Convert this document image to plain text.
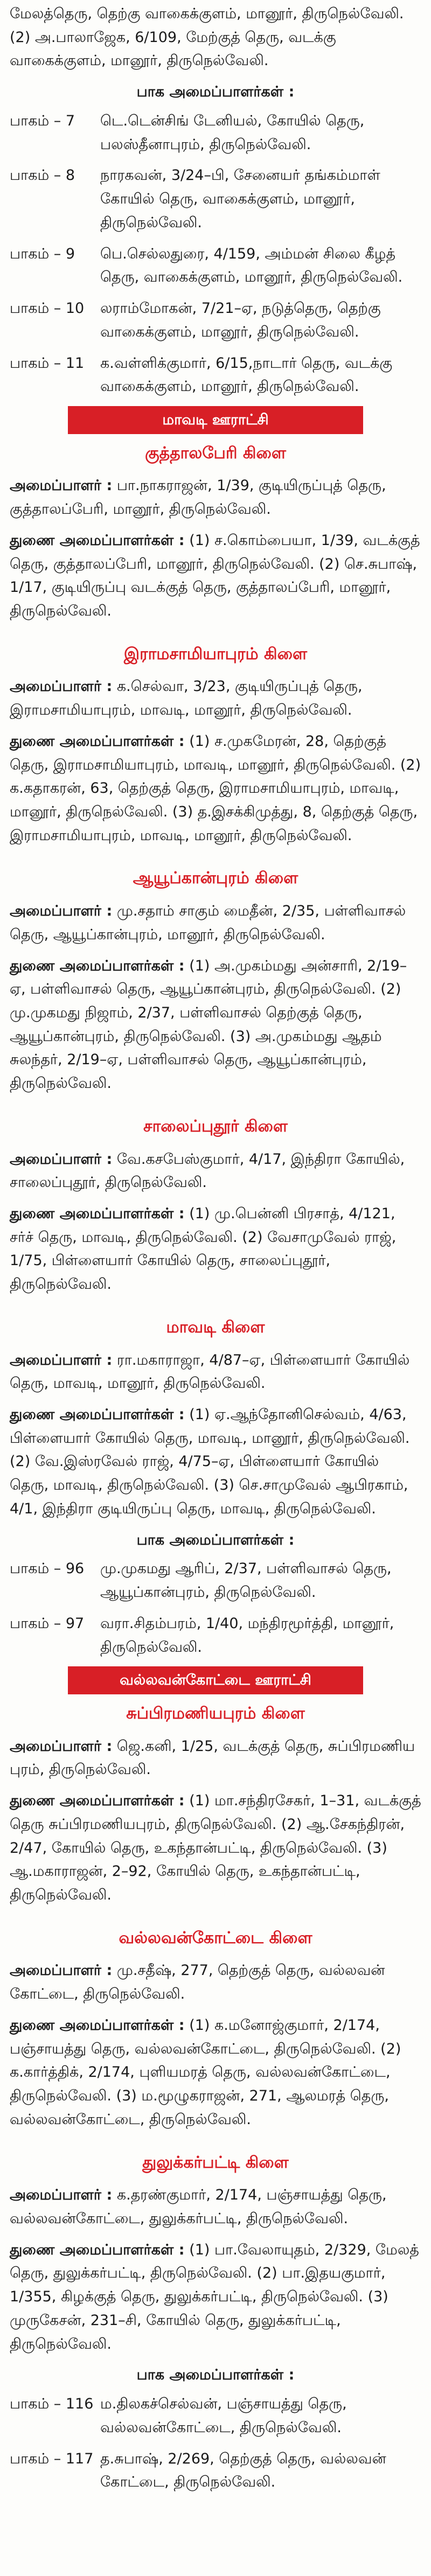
மேலத்தெரு, தெற்கு வாகைக்குளம், மானூர், திருநெல்வேலி. (2) அ.பாலாஜேக, 6/109, மேற்குத் தெரு, வடக்கு வாகைக்குளம், மானூர், திருநெல்வேலி.
பாக அமைப்பாளர்கள் :
பாகம் – 7	டெ.டென்சிங் டேனியல், கோயில் தெரு, பலஸ்தீனாபுரம், திருநெல்வேலி.
பாகம் – 8	நாரகவன், 3/24–பி, சேனையர் தங்கம்மாள் கோயில் தெரு, வாகைக்குளம், மானூர், திருநெல்வேலி.
பாகம் – 9	பெ.செல்லதுரை, 4/159, அம்மன் சிலை கீழத் தெரு, வாகைக்குளம், மானூர், திருநெல்வேலி.
பாகம் – 10	லராம்மோகன், 7/21–ஏ, நடுத்தெரு, தெற்கு வாகைக்குளம், மானூர், திருநெல்வேலி.
பாகம் – 11	க.வள்ளிக்குமார், 6/15,நாடார் தெரு, வடக்கு வாகைக்குளம், மானூர், திருநெல்வேலி.
மாவடி ஊராட்சி
குத்தாலபேரி கிளை
அமைப்பாளர் : பா.நாகராஜன், 1/39, குடியிருப்புத் தெரு, குத்தாலப்பேரி, மானூர், திருநெல்வேலி.
துணை அமைப்பாளர்கள் : (1) ச.கொம்பையா, 1/39, வடக்குத் தெரு, குத்தாலப்பேரி, மானூர், திருநெல்வேலி. (2) செ.சுபாஷ், 1/17, குடியிருப்பு வடக்குத் தெரு, குத்தாலப்பேரி, மானூர், திருநெல்வேலி.
இராமசாமியாபுரம் கிளை
அமைப்பாளர் : க.செல்வா, 3/23, குடியிருப்புத் தெரு, இராமசாமியாபுரம், மாவடி, மானூர், திருநெல்வேலி.
துணை அமைப்பாளர்கள் : (1) ச.முகமேரன், 28, தெற்குத் தெரு, இராமசாமியாபுரம், மாவடி, மானூர், திருநெல்வேலி. (2) க.கதாகரன், 63, தெற்குத் தெரு, இராமசாமியாபுரம், மாவடி, மானூர், திருநெல்வேலி. (3) த.இசக்கிமுத்து, 8, தெற்குத் தெரு, இராமசாமியாபுரம், மாவடி, மானூர், திருநெல்வேலி.
ஆயூப்கான்புரம் கிளை
அமைப்பாளர் : மு.சதாம் சாகும் மைதீன், 2/35, பள்ளிவாசல் தெரு, ஆயூப்கான்புரம், மானூர், திருநெல்வேலி.
துணை அமைப்பாளர்கள் : (1) அ.முகம்மது அன்சாரி, 2/19–ஏ, பள்ளிவாசல் தெரு, ஆயூப்கான்புரம், திருநெல்வேலி. (2) மு.முகமது நிஜாம், 2/37, பள்ளிவாசல் தெற்குத் தெரு, ஆயூப்கான்புரம், திருநெல்வேலி. (3) அ.முகம்மது ஆதம் சுலந்தர், 2/19–ஏ, பள்ளிவாசல் தெரு, ஆயூப்கான்புரம், திருநெல்வேலி.
சாலைப்புதூர் கிளை
அமைப்பாளர் : வே.கசபேஸ்குமார், 4/17, இந்திரா கோயில், சாலைப்புதூர், திருநெல்வேலி.
துணை அமைப்பாளர்கள் : (1) மு.பென்னி பிரசாத், 4/121, சர்ச் தெரு, மாவடி, திருநெல்வேலி. (2) வேசாமுவேல் ராஜ், 1/75, பிள்ளையார் கோயில் தெரு, சாலைப்புதூர், திருநெல்வேலி.
மாவடி கிளை
அமைப்பாளர் : ரா.மகாராஜா, 4/87–ஏ, பிள்ளையார் கோயில் தெரு, மாவடி, மானூர், திருநெல்வேலி.
துணை அமைப்பாளர்கள் : (1) ஏ.ஆந்தோனிசெல்வம், 4/63, பிள்ளையார் கோயில் தெரு, மாவடி, மானூர், திருநெல்வேலி. (2) வே.இஸ்ரவேல் ராஜ், 4/75–ஏ, பிள்ளையார் கோயில் தெரு, மாவடி, திருநெல்வேலி. (3) செ.சாமுவேல் ஆபிரகாம், 4/1, இந்திரா குடியிருப்பு தெரு, மாவடி, திருநெல்வேலி.
பாக அமைப்பாளர்கள் :
பாகம் – 96	மு.முகமது ஆரிப், 2/37, பள்ளிவாசல் தெரு, ஆயூப்கான்புரம், திருநெல்வேலி.
பாகம் – 97	வரா.சிதம்பரம், 1/40, மந்திரமூர்த்தி, மானூர், திருநெல்வேலி.
வல்லவன்கோட்டை ஊராட்சி
சுப்பிரமணியபுரம் கிளை
அமைப்பாளர் : ஜெ.கனி, 1/25, வடக்குத் தெரு, சுப்பிரமணிய புரம், திருநெல்வேலி.
துணை அமைப்பாளர்கள் : (1) மா.சந்திரசேகர், 1–31, வடக்குத் தெரு சுப்பிரமணியபுரம், திருநெல்வேலி. (2) ஆ.சேகந்திரன், 2/47, கோயில் தெரு, உகந்தான்பட்டி, திருநெல்வேலி. (3) ஆ.மகாராஜன், 2–92, கோயில் தெரு, உகந்தான்பட்டி, திருநெல்வேலி.
வல்லவன்கோட்டை கிளை
அமைப்பாளர் : மு.சதீஷ், 277, தெற்குத் தெரு, வல்லவன் கோட்டை, திருநெல்வேலி.
துணை அமைப்பாளர்கள் : (1) க.மனோஜ்குமார், 2/174, பஞ்சாயத்து தெரு, வல்லவன்கோட்டை, திருநெல்வேலி. (2) க.கார்த்திக், 2/174, புளியமரத் தெரு, வல்லவன்கோட்டை, திருநெல்வேலி. (3) ம.மூழுகராஜன், 271, ஆலமரத் தெரு, வல்லவன்கோட்டை, திருநெல்வேலி.
துலுக்கர்பட்டி கிளை
அமைப்பாளர் : க.தரண்குமார், 2/174, பஞ்சாயத்து தெரு, வல்லவன்கோட்டை, துலுக்கர்பட்டி, திருநெல்வேலி.
துணை அமைப்பாளர்கள் : (1) பா.வேலாயுதம், 2/329, மேலத் தெரு, துலுக்கர்பட்டி, திருநெல்வேலி. (2) பா.இதயகுமார், 1/355, கிழக்குத் தெரு, துலுக்கர்பட்டி, திருநெல்வேலி. (3) முருகேசன், 231–சி, கோயில் தெரு, துலுக்கர்பட்டி, திருநெல்வேலி.
பாக அமைப்பாளர்கள் :
பாகம் – 116 ம.திலகச்செல்வன், பஞ்சாயத்து தெரு, வல்லவன்கோட்டை, திருநெல்வேலி.
பாகம் – 117 த.சுபாஷ், 2/269, தெற்குத் தெரு, வல்லவன் கோட்டை, திருநெல்வேலி.
